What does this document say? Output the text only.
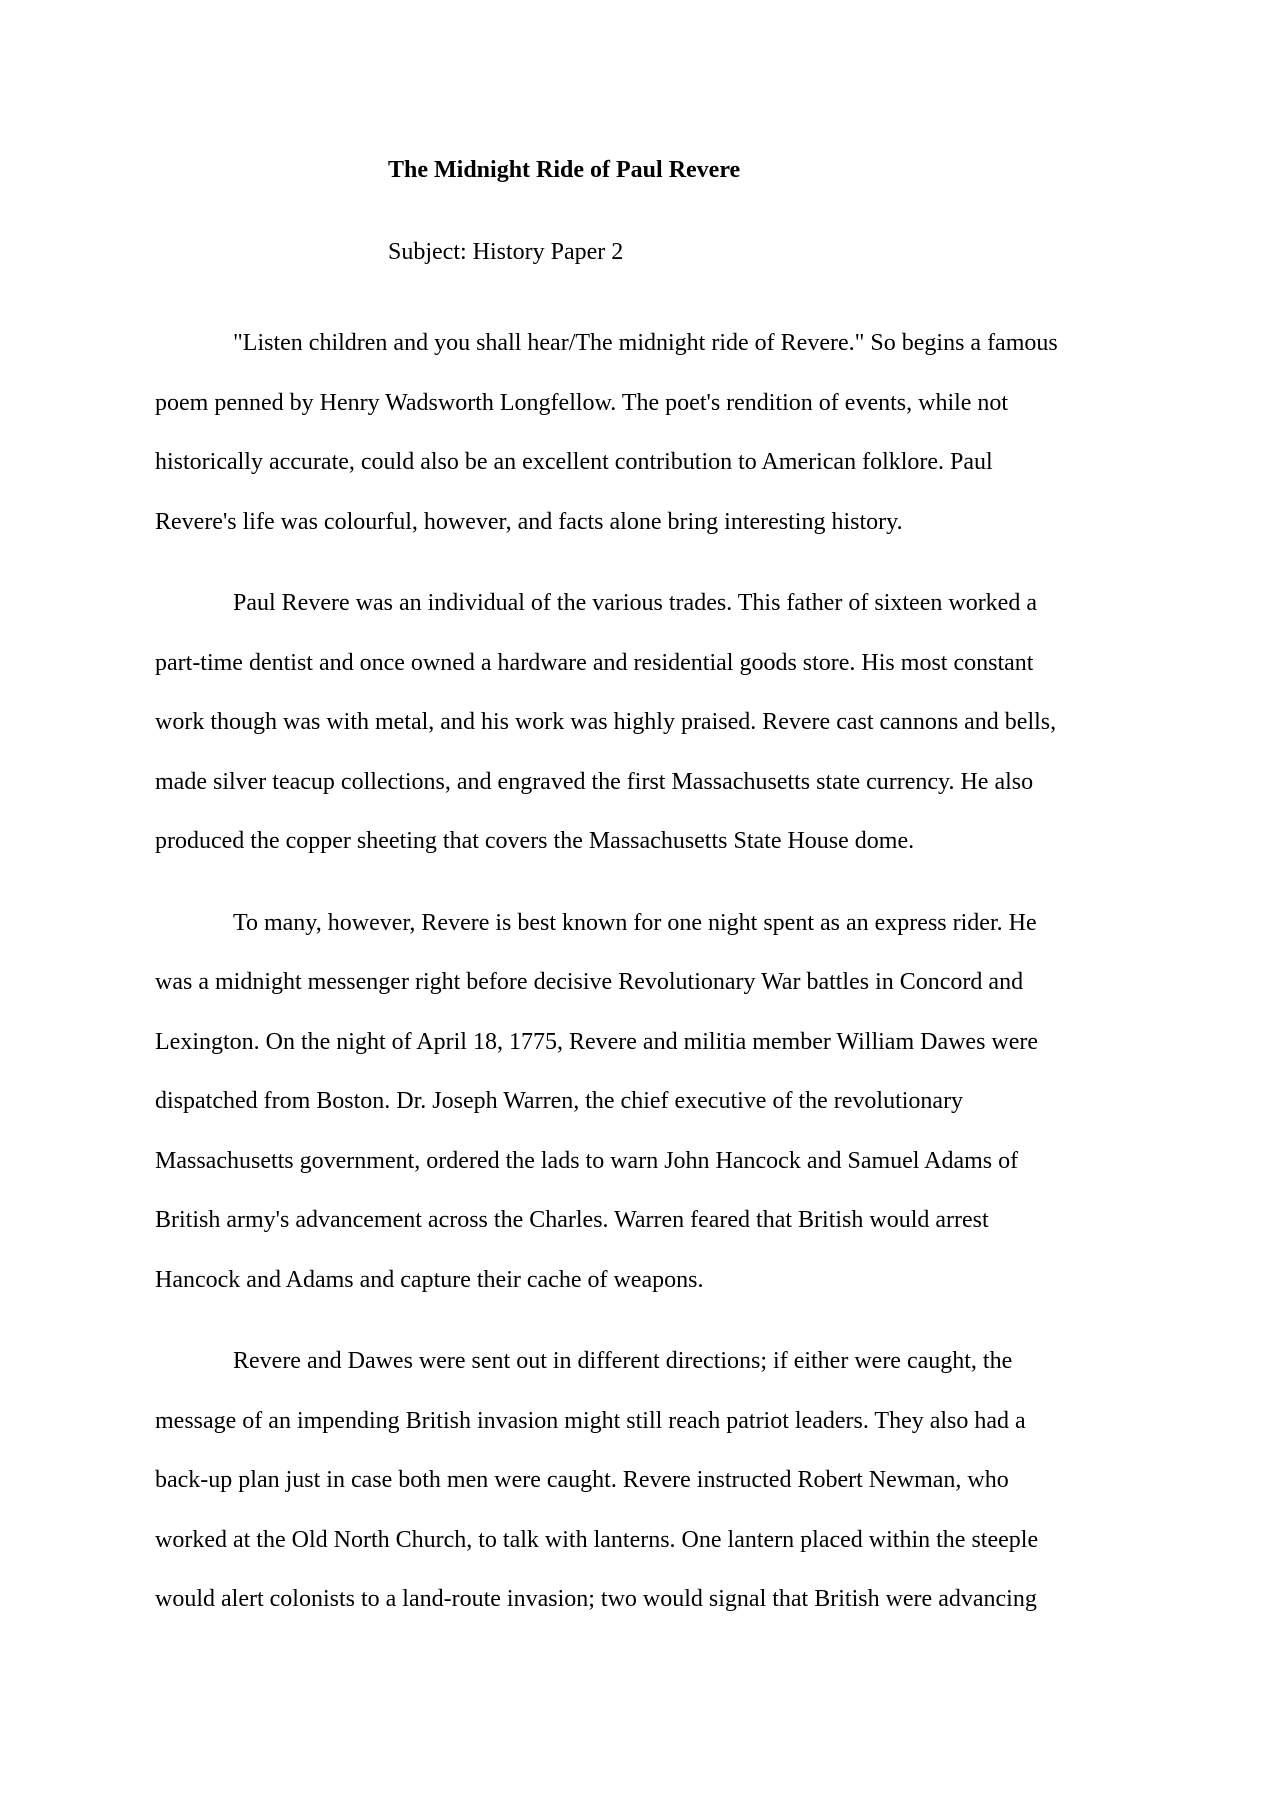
The Midnight Ride of Paul Revere
Subject: History Paper 2

"Listen children and you shall hear/The midnight ride of Revere." So begins a famous
poem penned by Henry Wadsworth Longfellow. The poet's rendition of events, while not
historically accurate, could also be an excellent contribution to American folklore. Paul
Revere's life was colourful, however, and facts alone bring interesting history.

Paul Revere was an individual of the various trades. This father of sixteen worked a
part-time dentist and once owned a hardware and residential goods store. His most constant
work though was with metal, and his work was highly praised. Revere cast cannons and bells,
made silver teacup collections, and engraved the first Massachusetts state currency. He also
produced the copper sheeting that covers the Massachusetts State House dome.

To many, however, Revere is best known for one night spent as an express rider. He
was a midnight messenger right before decisive Revolutionary War battles in Concord and
Lexington. On the night of April 18, 1775, Revere and militia member William Dawes were
dispatched from Boston. Dr. Joseph Warren, the chief executive of the revolutionary
Massachusetts government, ordered the lads to warn John Hancock and Samuel Adams of
British army's advancement across the Charles. Warren feared that British would arrest
Hancock and Adams and capture their cache of weapons.

Revere and Dawes were sent out in different directions; if either were caught, the
message of an impending British invasion might still reach patriot leaders. They also had a
back-up plan just in case both men were caught. Revere instructed Robert Newman, who
worked at the Old North Church, to talk with lanterns. One lantern placed within the steeple
would alert colonists to a land-route invasion; two would signal that British were advancing
